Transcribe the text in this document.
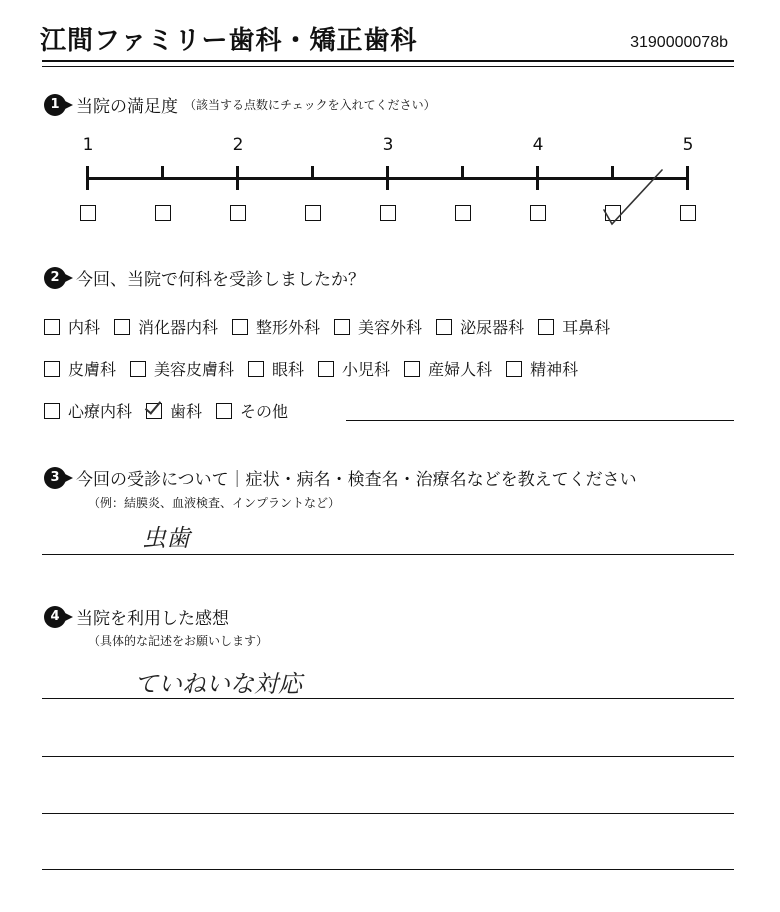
江間ファミリー歯科・矯正歯科	3190000078b
1 当院の満足度 （該当する点数にチェックを入れてください）
1	2	3	4	5
2 今回、当院で何科を受診しましたか？
内科 消化器内科 整形外科 美容外科 泌尿器科 耳鼻科
皮膚科 美容皮膚科 眼科 小児科 産婦人科 精神科
心療内科 歯科 その他
3 今回の受診について｜症状・病名・検査名・治療名などを教えてください
（例：結膜炎、血液検査、インプラントなど）
虫歯
4 当院を利用した感想
（具体的な記述をお願いします）
ていねいな対応
